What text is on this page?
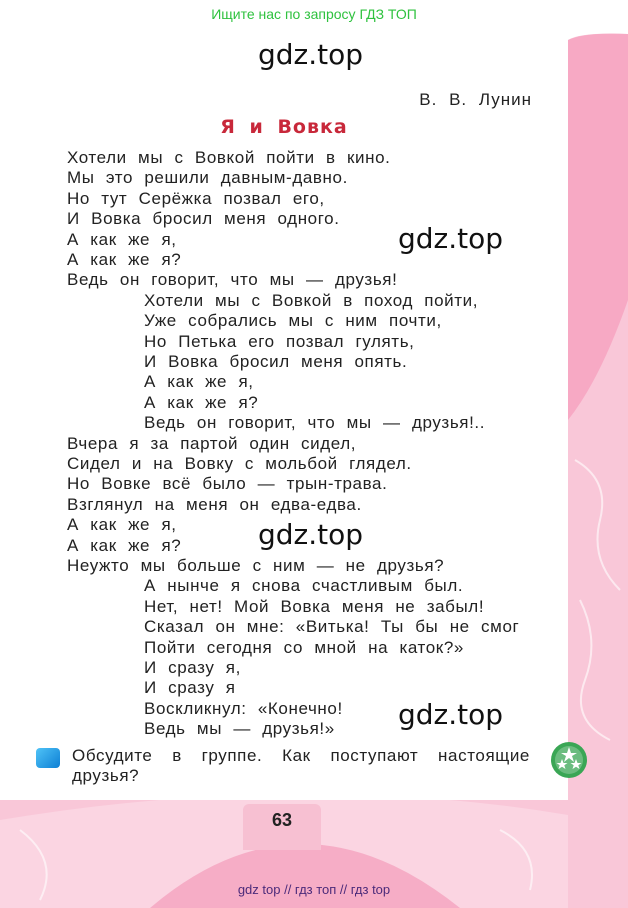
Ищите нас по запросу ГДЗ ТОП
gdz.top
gdz.top
gdz.top
gdz.top
В. В. Лунин
Я и Вовка
Хотели мы с Вовкой пойти в кино.
Мы это решили давным-давно.
Но тут Серёжка позвал его,
И Вовка бросил меня одного.
А как же я,
А как же я?
Ведь он говорит, что мы — друзья!
Хотели мы с Вовкой в поход пойти,
Уже собрались мы с ним почти,
Но Петька его позвал гулять,
И Вовка бросил меня опять.
А как же я,
А как же я?
Ведь он говорит, что мы — друзья!..
Вчера я за партой один сидел,
Сидел и на Вовку с мольбой глядел.
Но Вовке всё было — трын-трава.
Взглянул на меня он едва-едва.
А как же я,
А как же я?
Неужто мы больше с ним — не друзья?
А нынче я снова счастливым был.
Нет, нет! Мой Вовка меня не забыл!
Сказал он мне: «Витька! Ты бы не смог
Пойти сегодня со мной на каток?»
И сразу я,
И сразу я
Воскликнул: «Конечно!
Ведь мы — друзья!»
Обсудите в группе. Как поступают настоящие друзья?
63
gdz top // гдз топ // гдз top
